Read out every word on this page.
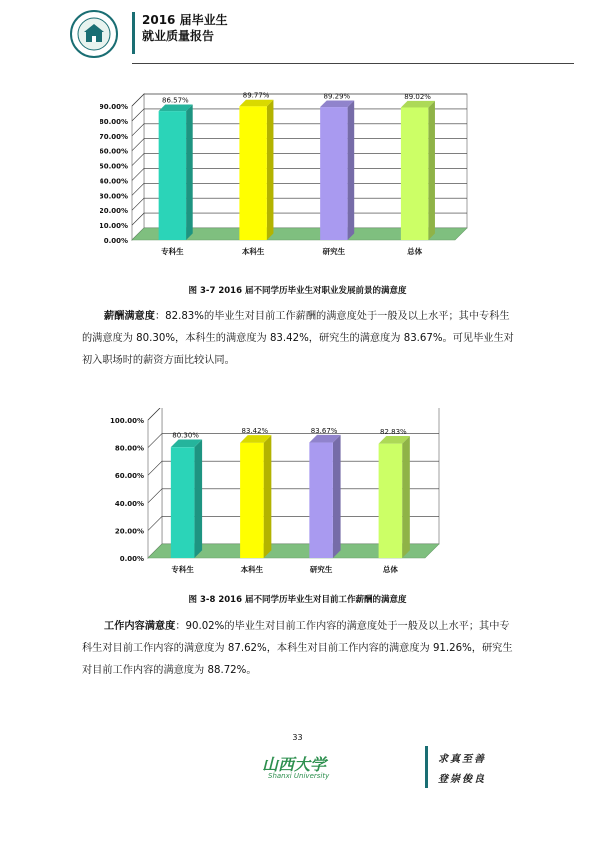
2016 届毕业生
就业质量报告
0.00%
10.00%
20.00%
30.00%
40.00%
50.00%
60.00%
70.00%
80.00%
90.00%
86.57%
专科生
89.77%
本科生
89.29%
研究生
89.02%
总体
图 3-7 2016 届不同学历毕业生对职业发展前景的满意度
薪酬满意度：82.83%的毕业生对目前工作薪酬的满意度处于一般及以上水平；其中专科生的满意度为 80.30%，本科生的满意度为 83.42%，研究生的满意度为 83.67%。可见毕业生对初入职场时的薪资方面比较认同。
0.00%
20.00%
40.00%
60.00%
80.00%
100.00%
80.30%
专科生
83.42%
本科生
83.67%
研究生
82.83%
总体
图 3-8 2016 届不同学历毕业生对目前工作薪酬的满意度
工作内容满意度：90.02%的毕业生对目前工作内容的满意度处于一般及以上水平；其中专科生对目前工作内容的满意度为 87.62%，本科生对目前工作内容的满意度为 91.26%，研究生对目前工作内容的满意度为 88.72%。
33
山西大学
Shanxi University
求真至善
登崇俊良
